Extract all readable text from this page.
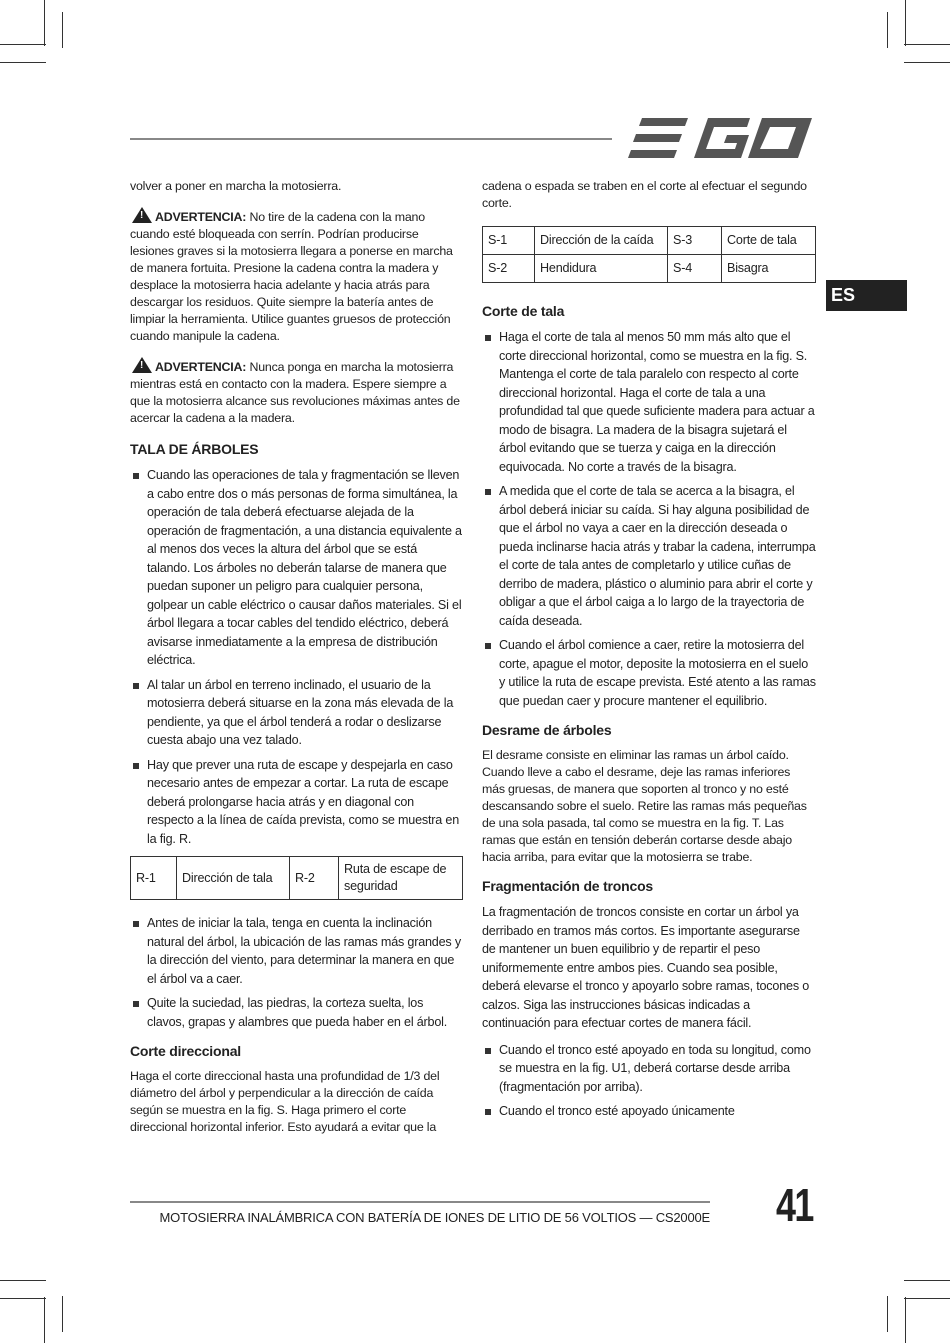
ES

volver a poner en marcha la motosierra.

! ADVERTENCIA: No tire de la cadena con la mano cuando esté bloqueada con serrín. Podrían producirse lesiones graves si la motosierra llegara a ponerse en marcha de manera fortuita. Presione la cadena contra la madera y desplace la motosierra hacia adelante y hacia atrás para descargar los residuos. Quite siempre la batería antes de limpiar la herramienta. Utilice guantes gruesos de protección cuando manipule la cadena.

! ADVERTENCIA: Nunca ponga en marcha la motosierra mientras está en contacto con la madera. Espere siempre a que la motosierra alcance sus revoluciones máximas antes de acercar la cadena a la madera.

TALA DE ÁRBOLES
Cuando las operaciones de tala y fragmentación se lleven a cabo entre dos o más personas de forma simultánea, la operación de tala deberá efectuarse alejada de la operación de fragmentación, a una distancia equivalente a al menos dos veces la altura del árbol que se está talando. Los árboles no deberán talarse de manera que puedan suponer un peligro para cualquier persona, golpear un cable eléctrico o causar daños materiales. Si el árbol llegara a tocar cables del tendido eléctrico, deberá avisarse inmediatamente a la empresa de distribución eléctrica.
Al talar un árbol en terreno inclinado, el usuario de la motosierra deberá situarse en la zona más elevada de la pendiente, ya que el árbol tenderá a rodar o deslizarse cuesta abajo una vez talado.
Hay que prever una ruta de escape y despejarla en caso necesario antes de empezar a cortar. La ruta de escape deberá prolongarse hacia atrás y en diagonal con respecto a la línea de caída prevista, como se muestra en la fig. R.
R-1	Dirección de tala	R-2	Ruta de escape de seguridad
Antes de iniciar la tala, tenga en cuenta la inclinación natural del árbol, la ubicación de las ramas más grandes y la dirección del viento, para determinar la manera en que el árbol va a caer.
Quite la suciedad, las piedras, la corteza suelta, los clavos, grapas y alambres que pueda haber en el árbol.
Corte direccional

Haga el corte direccional hasta una profundidad de 1/3 del diámetro del árbol y perpendicular a la dirección de caída según se muestra en la fig. S. Haga primero el corte direccional horizontal inferior. Esto ayudará a evitar que la

cadena o espada se traben en el corte al efectuar el segundo corte.

S-1	Dirección de la caída	S-3	Corte de tala
S-2	Hendidura	S-4	Bisagra
Corte de tala
Haga el corte de tala al menos 50 mm más alto que el corte direccional horizontal, como se muestra en la fig. S. Mantenga el corte de tala paralelo con respecto al corte direccional horizontal. Haga el corte de tala a una profundidad tal que quede suficiente madera para actuar a modo de bisagra. La madera de la bisagra sujetará el árbol evitando que se tuerza y caiga en la dirección equivocada. No corte a través de la bisagra.
A medida que el corte de tala se acerca a la bisagra, el árbol deberá iniciar su caída. Si hay alguna posibilidad de que el árbol no vaya a caer en la dirección deseada o pueda inclinarse hacia atrás y trabar la cadena, interrumpa el corte de tala antes de completarlo y utilice cuñas de derribo de madera, plástico o aluminio para abrir el corte y obligar a que el árbol caiga a lo largo de la trayectoria de caída deseada.
Cuando el árbol comience a caer, retire la motosierra del corte, apague el motor, deposite la motosierra en el suelo y utilice la ruta de escape prevista. Esté atento a las ramas que puedan caer y procure mantener el equilibrio.
Desrame de árboles

El desrame consiste en eliminar las ramas un árbol caído. Cuando lleve a cabo el desrame, deje las ramas inferiores más gruesas, de manera que soporten al tronco y no esté descansando sobre el suelo. Retire las ramas más pequeñas de una sola pasada, tal como se muestra en la fig. T. Las ramas que están en tensión deberán cortarse desde abajo hacia arriba, para evitar que la motosierra se trabe.

Fragmentación de troncos

La fragmentación de troncos consiste en cortar un árbol ya derribado en tramos más cortos. Es importante asegurarse de mantener un buen equilibrio y de repartir el peso uniformemente entre ambos pies. Cuando sea posible, deberá elevarse el tronco y apoyarlo sobre ramas, tocones o calzos. Siga las instrucciones básicas indicadas a continuación para efectuar cortes de manera fácil.

Cuando el tronco esté apoyado en toda su longitud, como se muestra en la fig. U1, deberá cortarse desde arriba (fragmentación por arriba).
Cuando el tronco esté apoyado únicamente
MOTOSIERRA INALÁMBRICA CON BATERÍA DE IONES DE LITIO DE 56 VOLTIOS — CS2000E 41
